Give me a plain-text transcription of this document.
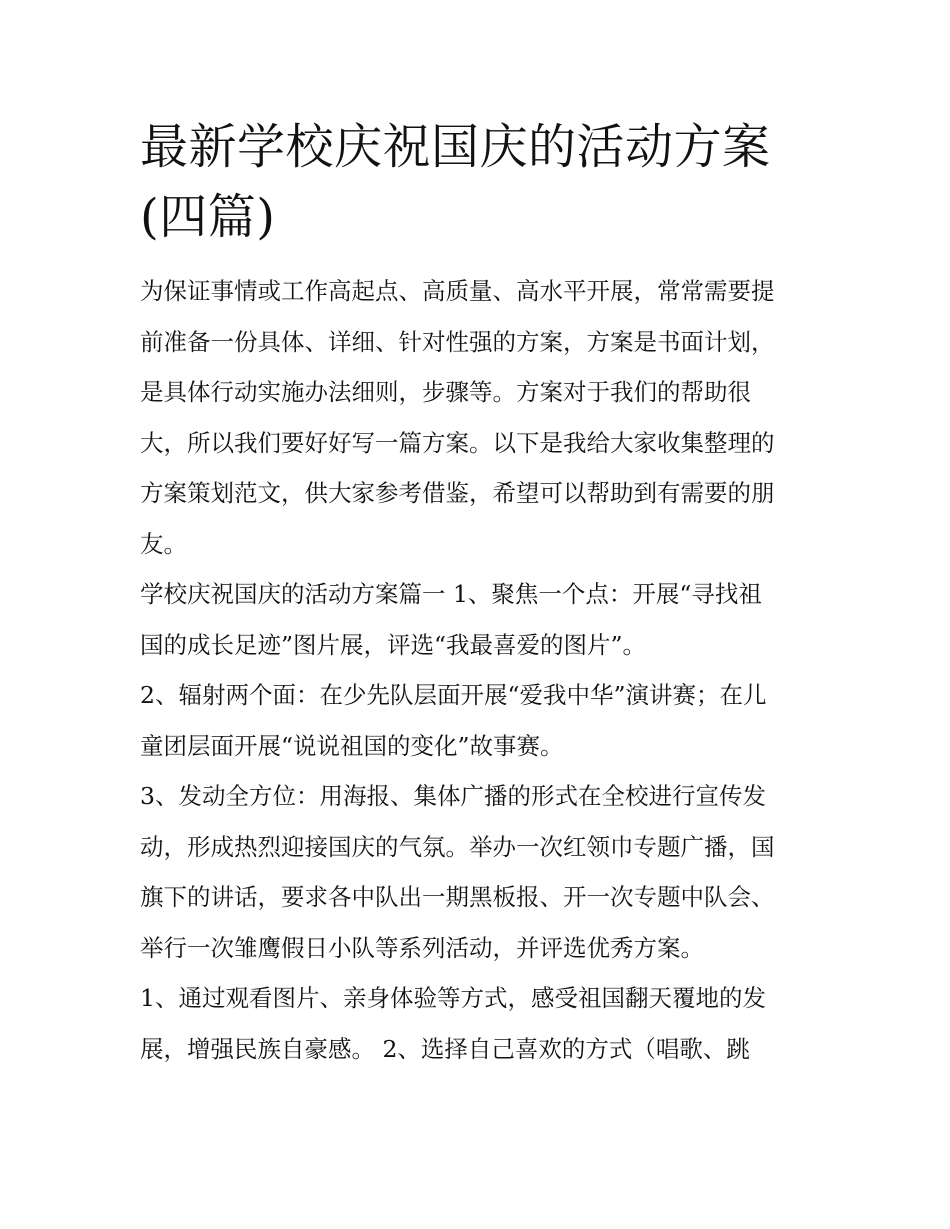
最新学校庆祝国庆的活动方案
(四篇)

为保证事情或工作高起点、高质量、高水平开展，常常需要提
前准备一份具体、详细、针对性强的方案，方案是书面计划，
是具体行动实施办法细则，步骤等。方案对于我们的帮助很
大，所以我们要好好写一篇方案。以下是我给大家收集整理的
方案策划范文，供大家参考借鉴，希望可以帮助到有需要的朋
友。

学校庆祝国庆的活动方案篇一 1、聚焦一个点：开展“寻找祖
国的成长足迹”图片展，评选“我最喜爱的图片”。

2、辐射两个面：在少先队层面开展“爱我中华”演讲赛；在儿
童团层面开展“说说祖国的变化”故事赛。

3、发动全方位：用海报、集体广播的形式在全校进行宣传发
动，形成热烈迎接国庆的气氛。举办一次红领巾专题广播，国
旗下的讲话，要求各中队出一期黑板报、开一次专题中队会、
举行一次雏鹰假日小队等系列活动，并评选优秀方案。

1、通过观看图片、亲身体验等方式，感受祖国翻天覆地的发
展，增强民族自豪感。 2、选择自己喜欢的方式（唱歌、跳
